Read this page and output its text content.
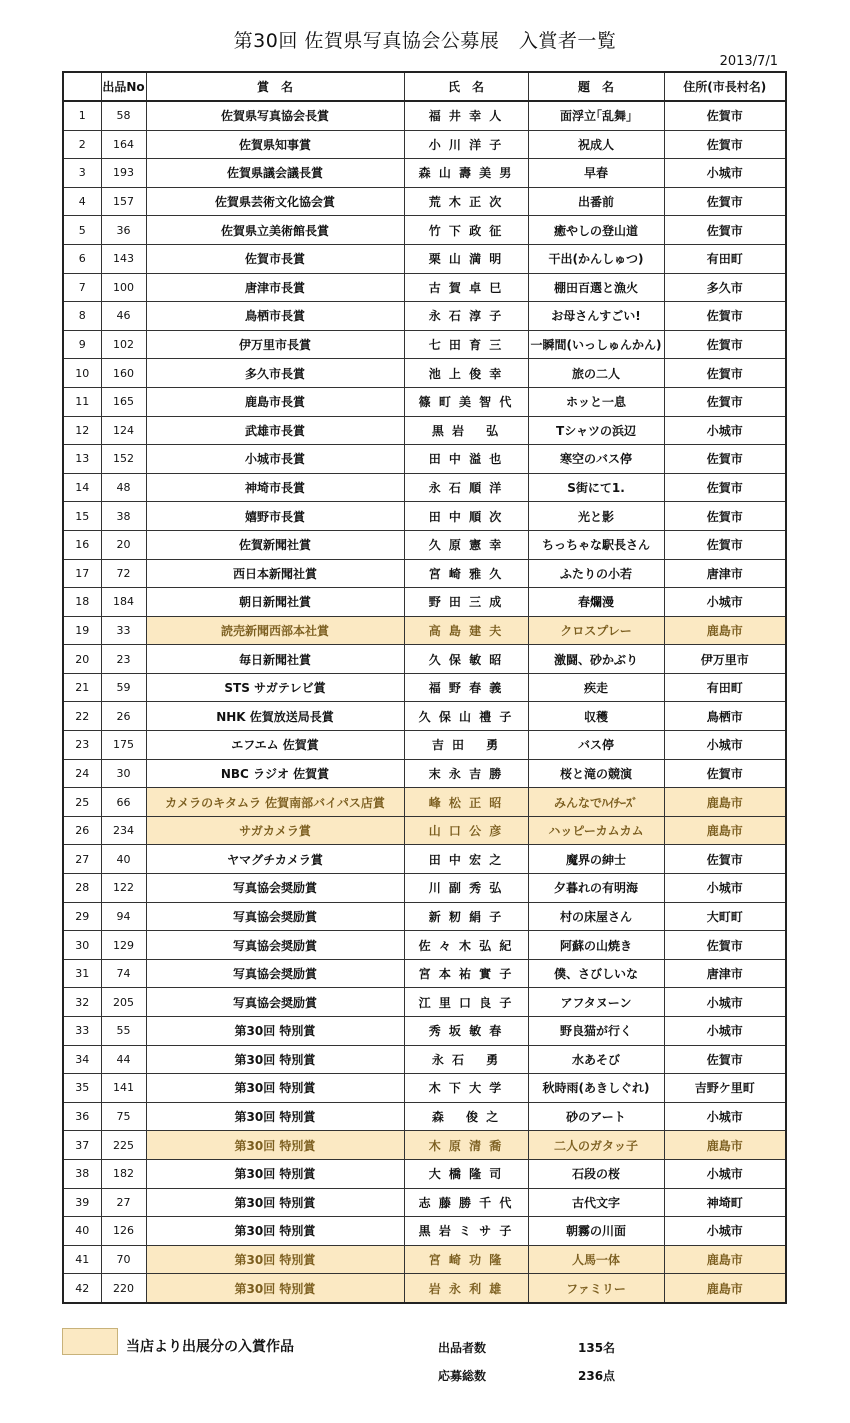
第30回 佐賀県写真協会公募展　入賞者一覧
2013/7/1
	出品No	賞　名	氏　名	題　名	住所(市長村名)
1	58	佐賀県写真協会長賞	福 井 幸 人	面浮立｢乱舞｣	佐賀市
2	164	佐賀県知事賞	小 川 洋 子	祝成人	佐賀市
3	193	佐賀県議会議長賞	森 山 壽 美 男	早春	小城市
4	157	佐賀県芸術文化協会賞	荒 木 正 次	出番前	佐賀市
5	36	佐賀県立美術館長賞	竹 下 政 征	癒やしの登山道	佐賀市
6	143	佐賀市長賞	栗 山 満 明	干出(かんしゅつ)	有田町
7	100	唐津市長賞	古 賀 卓 巳	棚田百選と漁火	多久市
8	46	鳥栖市長賞	永 石 淳 子	お母さんすごい!	佐賀市
9	102	伊万里市長賞	七 田 育 三	一瞬間(いっしゅんかん)	佐賀市
10	160	多久市長賞	池 上 俊 幸	旅の二人	佐賀市
11	165	鹿島市長賞	篠 町 美 智 代	ホッと一息	佐賀市
12	124	武雄市長賞	黒 岩　 弘	Tシャツの浜辺	小城市
13	152	小城市長賞	田 中 溢 也	寒空のバス停	佐賀市
14	48	神埼市長賞	永 石 順 洋	S街にて1.	佐賀市
15	38	嬉野市長賞	田 中 順 次	光と影	佐賀市
16	20	佐賀新聞社賞	久 原 憲 幸	ちっちゃな駅長さん	佐賀市
17	72	西日本新聞社賞	宮 崎 雅 久	ふたりの小若	唐津市
18	184	朝日新聞社賞	野 田 三 成	春爛漫	小城市
19	33	読売新聞西部本社賞	高 島 建 夫	クロスプレー	鹿島市
20	23	毎日新聞社賞	久 保 敏 昭	激闘、砂かぶり	伊万里市
21	59	STS サガテレビ賞	福 野 春 義	疾走	有田町
22	26	NHK 佐賀放送局長賞	久 保 山 禮 子	収穫	鳥栖市
23	175	エフエム 佐賀賞	吉 田　 勇	バス停	小城市
24	30	NBC ラジオ 佐賀賞	末 永 吉 勝	桜と滝の競演	佐賀市
25	66	カメラのキタムラ 佐賀南部バイパス店賞	峰 松 正 昭	みんなでﾊｲﾁｰｽﾞ	鹿島市
26	234	サガカメラ賞	山 口 公 彦	ハッピーカムカム	鹿島市
27	40	ヤマグチカメラ賞	田 中 宏 之	魔界の紳士	佐賀市
28	122	写真協会奨励賞	川 副 秀 弘	夕暮れの有明海	小城市
29	94	写真協会奨励賞	新 籾 絹 子	村の床屋さん	大町町
30	129	写真協会奨励賞	佐 々 木 弘 紀	阿蘇の山焼き	佐賀市
31	74	写真協会奨励賞	宮 本 祐 實 子	僕、さびしいな	唐津市
32	205	写真協会奨励賞	江 里 口 良 子	アフタヌーン	小城市
33	55	第30回 特別賞	秀 坂 敏 春	野良猫が行く	小城市
34	44	第30回 特別賞	永 石　 勇	水あそび	佐賀市
35	141	第30回 特別賞	木 下 大 学	秋時雨(あきしぐれ)	吉野ケ里町
36	75	第30回 特別賞	森　 俊 之	砂のアート	小城市
37	225	第30回 特別賞	木 原 清 喬	二人のガタッ子	鹿島市
38	182	第30回 特別賞	大 橋 隆 司	石段の桜	小城市
39	27	第30回 特別賞	志 藤 勝 千 代	古代文字	神埼町
40	126	第30回 特別賞	黒 岩 ミ サ 子	朝霧の川面	小城市
41	70	第30回 特別賞	宮 崎 功 隆	人馬一体	鹿島市
42	220	第30回 特別賞	岩 永 利 雄	ファミリー	鹿島市
当店より出展分の入賞作品	出品者数	135名
応募総数	236点
